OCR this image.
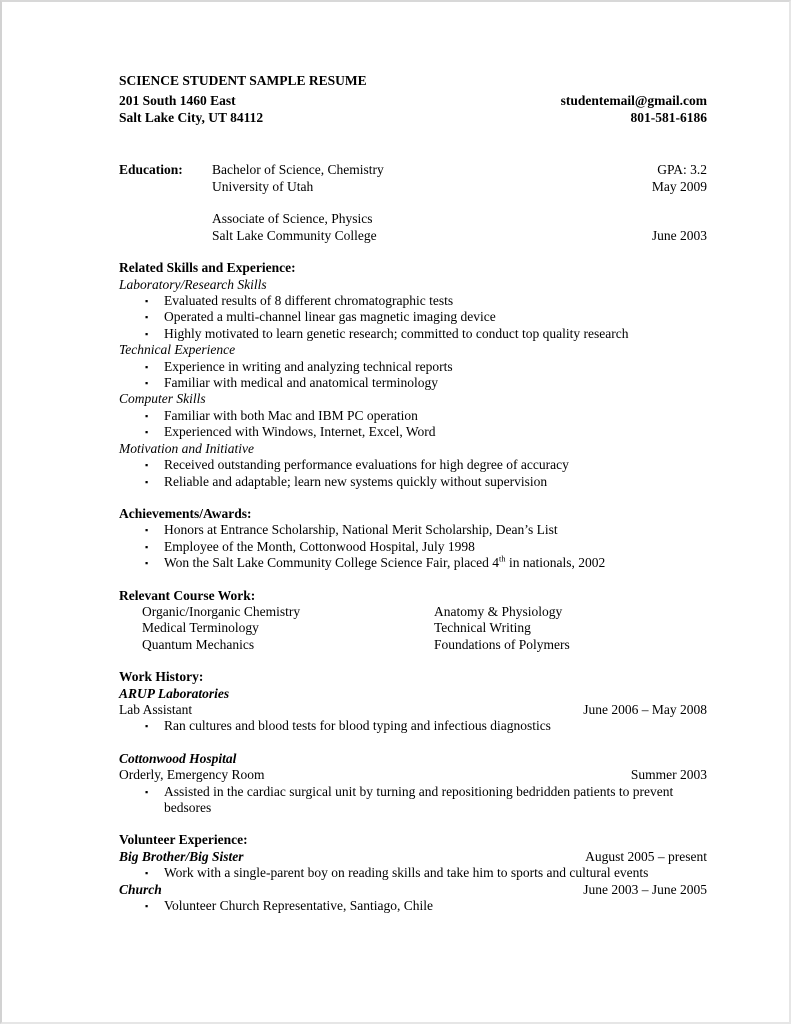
SCIENCE STUDENT SAMPLE RESUME
201 South 1460 East	studentemail@gmail.com
Salt Lake City, UT 84112	801-581-6186
Education:	Bachelor of Science, Chemistry	GPA: 3.2
University of Utah	May 2009
Associate of Science, Physics
Salt Lake Community College	June 2003
Related Skills and Experience:
Laboratory/Research Skills
▪	Evaluated results of 8 different chromatographic tests
▪	Operated a multi-channel linear gas magnetic imaging device
▪	Highly motivated to learn genetic research; committed to conduct top quality research
Technical Experience
▪	Experience in writing and analyzing technical reports
▪	Familiar with medical and anatomical terminology
Computer Skills
▪	Familiar with both Mac and IBM PC operation
▪	Experienced with Windows, Internet, Excel, Word
Motivation and Initiative
▪	Received outstanding performance evaluations for high degree of accuracy
▪	Reliable and adaptable; learn new systems quickly without supervision
Achievements/Awards:
▪	Honors at Entrance Scholarship, National Merit Scholarship, Dean’s List
▪	Employee of the Month, Cottonwood Hospital, July 1998
▪	Won the Salt Lake Community College Science Fair, placed 4th in nationals, 2002
Relevant Course Work:
Organic/Inorganic Chemistry	Anatomy & Physiology
Medical Terminology	Technical Writing
Quantum Mechanics	Foundations of Polymers
Work History:
ARUP Laboratories
Lab Assistant	June 2006 – May 2008
▪	Ran cultures and blood tests for blood typing and infectious diagnostics
Cottonwood Hospital
Orderly, Emergency Room	Summer 2003
▪	Assisted in the cardiac surgical unit by turning and repositioning bedridden patients to prevent bedsores
Volunteer Experience:
Big Brother/Big Sister	August 2005 – present
▪	Work with a single-parent boy on reading skills and take him to sports and cultural events
Church	June 2003 – June 2005
▪	Volunteer Church Representative, Santiago, Chile
